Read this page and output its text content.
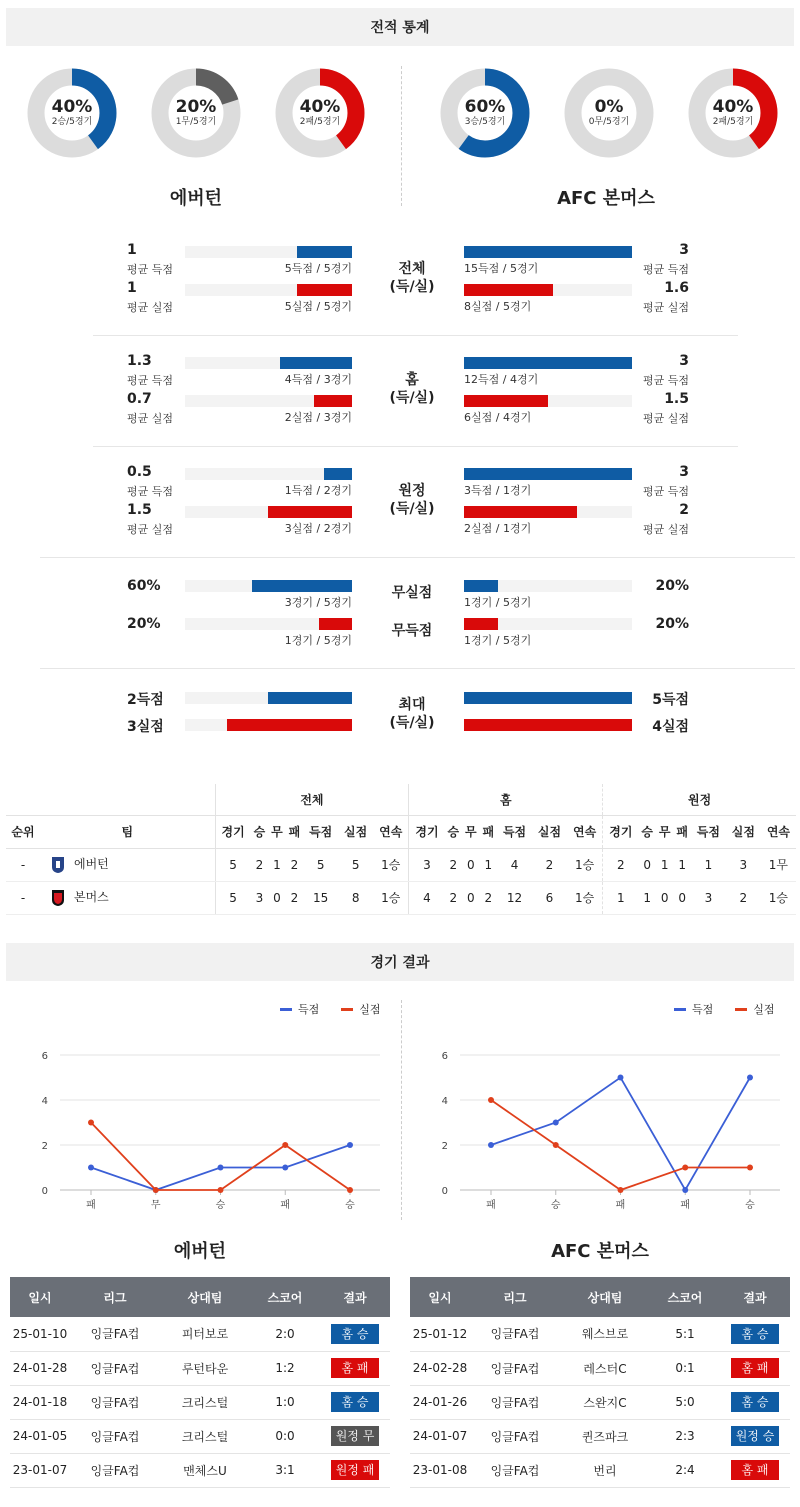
전적 통계
40%
2승/5경기
20%
1무/5경기
40%
2패/5경기
60%
3승/5경기
0%
0무/5경기
40%
2패/5경기
에버턴	AFC 본머스
1
평균 득점
3
평균 득점
5득점 / 5경기	15득점 / 5경기
1
평균 실점
1.6
평균 실점
5실점 / 5경기	8실점 / 5경기
전체
(득/실)
1.3
평균 득점
3
평균 득점
4득점 / 3경기	12득점 / 4경기
0.7
평균 실점
1.5
평균 실점
2실점 / 3경기	6실점 / 4경기
홈
(득/실)
0.5
평균 득점
3
평균 득점
1득점 / 2경기	3득점 / 1경기
1.5
평균 실점
2
평균 실점
3실점 / 2경기	2실점 / 1경기
원정
(득/실)
60%	20%
3경기 / 5경기	1경기 / 5경기
무실점
20%	20%
1경기 / 5경기	1경기 / 5경기
무득점
2득점	5득점
3실점	4실점
최대
(득/실)
		전체							홈							원정						
순위	팀	경기	승	무	패	득점	실점	연속	경기	승	무	패	득점	실점	연속	경기	승	무	패	득점	실점	연속
-	에버턴	5	2	1	2	5	5	1승	3	2	0	1	4	2	1승	2	0	1	1	1	3	1무
-	본머스	5	3	0	2	15	8	1승	4	2	0	2	12	6	1승	1	1	0	0	3	2	1승
경기 결과
득점	실점	득점	실점
0
2
4
6
패	무	승	패	승
0
2
4
6
패	승	패	패	승
에버턴	AFC 본머스
일시	리그	상대팀	스코어	결과
25-01-10	잉글FA컵	피터보로	2:0	홈 승
24-01-28	잉글FA컵	루턴타운	1:2	홈 패
24-01-18	잉글FA컵	크리스털	1:0	홈 승
24-01-05	잉글FA컵	크리스털	0:0	원정 무
23-01-07	잉글FA컵	맨체스U	3:1	원정 패
일시	리그	상대팀	스코어	결과
25-01-12	잉글FA컵	웨스브로	5:1	홈 승
24-02-28	잉글FA컵	레스터C	0:1	홈 패
24-01-26	잉글FA컵	스완지C	5:0	홈 승
24-01-07	잉글FA컵	퀸즈파크	2:3	원정 승
23-01-08	잉글FA컵	번리	2:4	홈 패
